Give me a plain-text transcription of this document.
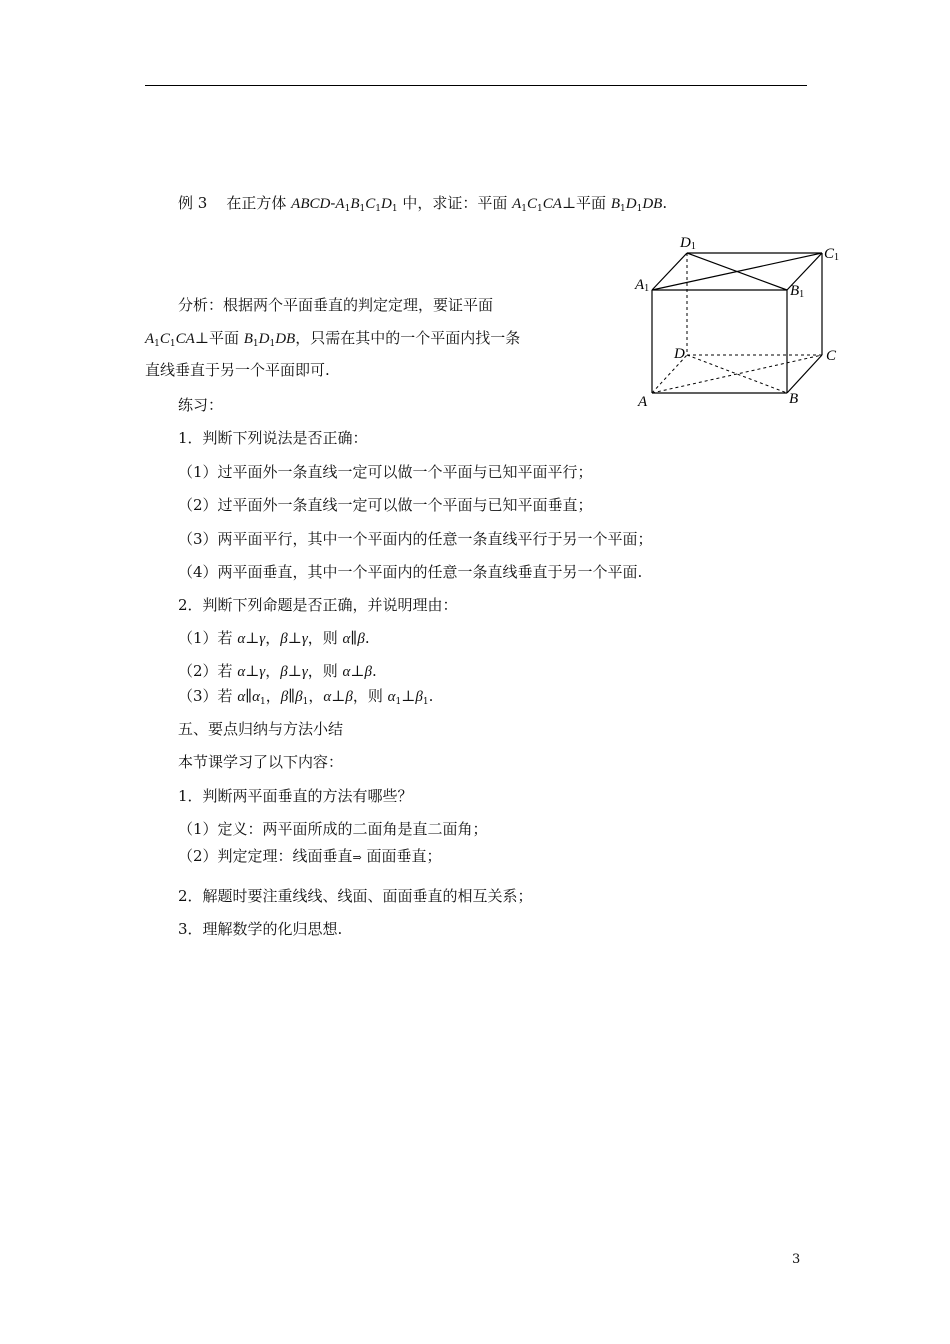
例 3 在正方体 ABCD-$A_1B_1C_1D_1$ 中，求证：平面 $A_1C_1CA\perp$平面 $B_1D_1DB$.
分析：根据两个平面垂直的判定定理，要证平面
$A_1C_1CA\perp$平面 $B_1D_1DB$，只需在其中的一个平面内找一条
直线垂直于另一个平面即可.
练习：
1．判断下列说法是否正确：
（1）过平面外一条直线一定可以做一个平面与已知平面平行；
（2）过平面外一条直线一定可以做一个平面与已知平面垂直；
（3）两平面平行，其中一个平面内的任意一条直线平行于另一个平面；
（4）两平面垂直，其中一个平面内的任意一条直线垂直于另一个平面.
2．判断下列命题是否正确，并说明理由：
（1）若 α⊥γ，β⊥γ，则 α∥β.
（2）若 α⊥γ，β⊥γ，则 α⊥β.
（3）若 $\alpha\parallel\alpha_1$，$\beta\parallel\beta_1$，α⊥β，则 $\alpha_1\perp\beta_1$.
五、要点归纳与方法小结
本节课学习了以下内容：
1．判断两平面垂直的方法有哪些？
（1）定义：两平面所成的二面角是直二面角；
（2）判定定理：线面垂直⇒ 面面垂直；
2．解题时要注重线线、线面、面面垂直的相互关系；
3．理解数学的化归思想.
D1	C1
A1	B1
D	C
A	B
3
